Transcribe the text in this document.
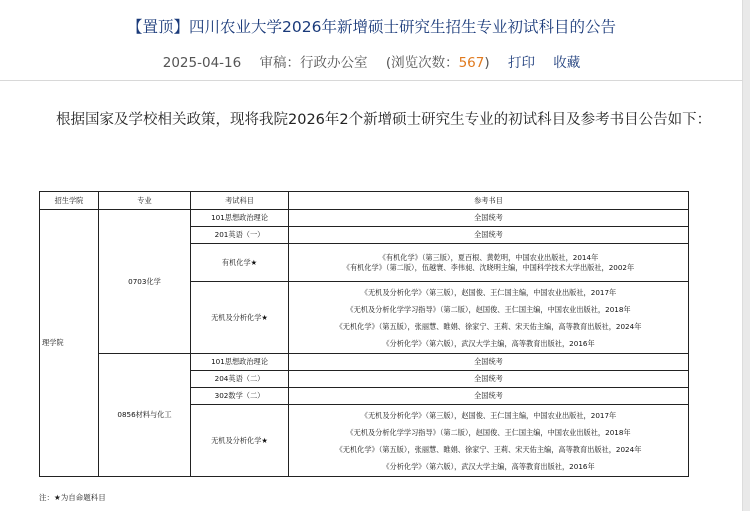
【置顶】四川农业大学2026年新增硕士研究生招生专业初试科目的公告
2025-04-16 审稿：行政办公室 (浏览次数：567) 打印 收藏
根据国家及学校相关政策，现将我院2026年2个新增硕士研究生专业的初试科目及参考书目公告如下：
招生学院	专业	考试科目	参考书目
理学院	0703化学	101思想政治理论	全国统考
		201英语（一）	全国统考
		有机化学★	《有机化学》（第三版），夏百根、黄乾明，中国农业出版社，2014年
《有机化学》（第二版），伍越寰、李伟昶、沈晓明主编，中国科学技术大学出版社，2002年

		无机及分析化学★	《无机及分析化学》（第三版），赵国俊、王仁国主编，中国农业出版社，2017年
《无机及分析化学学习指导》（第二版），赵国俊、王仁国主编，中国农业出版社，2018年
《无机化学》（第五版），张丽慧、睢娟、徐家宁、王莉、宋天佑主编，高等教育出版社，2024年
《分析化学》（第六版），武汉大学主编，高等教育出版社，2016年

	0856材料与化工	101思想政治理论	全国统考
		204英语（二）	全国统考
		302数学（二）	全国统考
		无机及分析化学★	《无机及分析化学》（第三版），赵国俊、王仁国主编，中国农业出版社，2017年
《无机及分析化学学习指导》（第二版），赵国俊、王仁国主编，中国农业出版社，2018年
《无机化学》（第五版），张丽慧、睢娟、徐家宁、王莉、宋天佑主编，高等教育出版社，2024年
《分析化学》（第六版），武汉大学主编，高等教育出版社，2016年
注：★为自命题科目
